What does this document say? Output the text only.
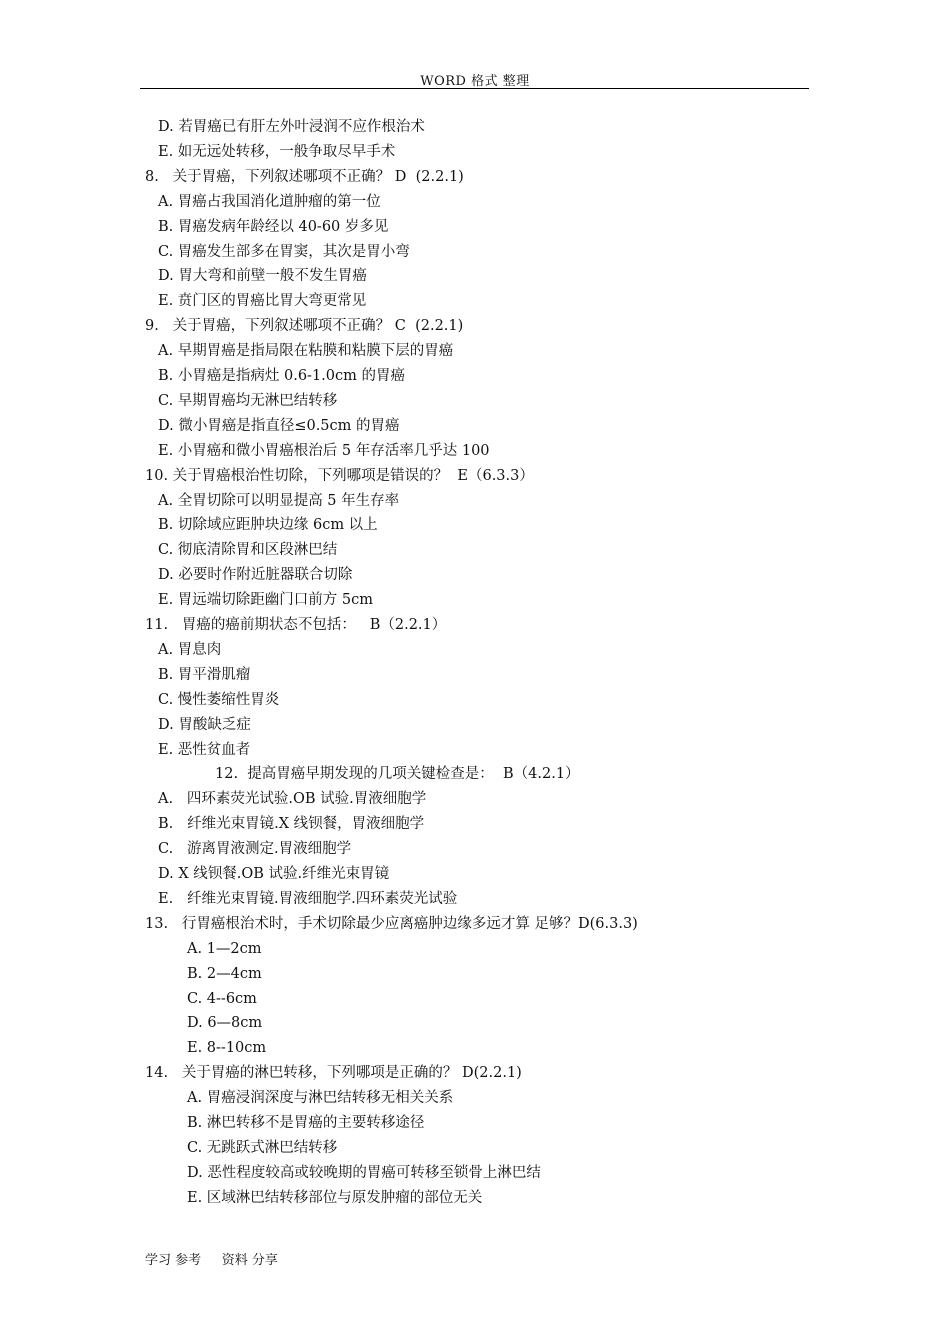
WORD 格式 整理
D. 若胃癌已有肝左外叶浸润不应作根治术
E. 如无远处转移，一般争取尽早手术
8.   关于胃癌，下列叙述哪项不正确？ D  (2.2.1)
A. 胃癌占我国消化道肿瘤的第一位
B. 胃癌发病年龄经以 40-60 岁多见
C. 胃癌发生部多在胃窦，其次是胃小弯
D. 胃大弯和前壁一般不发生胃癌
E. 贲门区的胃癌比胃大弯更常见
9.   关于胃癌，下列叙述哪项不正确？ C  (2.2.1)
A. 早期胃癌是指局限在粘膜和粘膜下层的胃癌
B. 小胃癌是指病灶 0.6-1.0cm 的胃癌
C. 早期胃癌均无淋巴结转移
D. 微小胃癌是指直径≤0.5cm 的胃癌
E. 小胃癌和微小胃癌根治后 5 年存活率几乎达 100
10. 关于胃癌根治性切除，下列哪项是错误的？  E（6.3.3）
A. 全胃切除可以明显提高 5 年生存率
B. 切除域应距肿块边缘 6cm 以上
C. 彻底清除胃和区段淋巴结
D. 必要时作附近脏器联合切除
E. 胃远端切除距幽门口前方 5cm
11.   胃癌的癌前期状态不包括：   B（2.2.1）
A. 胃息肉
B. 胃平滑肌瘤
C. 慢性萎缩性胃炎
D. 胃酸缺乏症
E. 恶性贫血者
12.  提高胃癌早期发现的几项关键检查是：  B（4.2.1）
A.   四环素荧光试验.OB 试验.胃液细胞学
B.   纤维光束胃镜.X 线钡餐，胃液细胞学
C.   游离胃液测定.胃液细胞学
D. X 线钡餐.OB 试验.纤维光束胃镜
E.   纤维光束胃镜.胃液细胞学.四环素荧光试验
13.   行胃癌根治术时，手术切除最少应离癌肿边缘多远才算 足够？D(6.3.3)
A. 1—2cm
B. 2—4cm
C. 4--6cm
D. 6—8cm
E. 8--10cm
14.   关于胃癌的淋巴转移，下列哪项是正确的？ D(2.2.1)
A. 胃癌浸润深度与淋巴结转移无相关关系
B. 淋巴转移不是胃癌的主要转移途径
C. 无跳跃式淋巴结转移
D. 恶性程度较高或较晚期的胃癌可转移至锁骨上淋巴结
E. 区域淋巴结转移部位与原发肿瘤的部位无关
学习 参考     资料 分享
